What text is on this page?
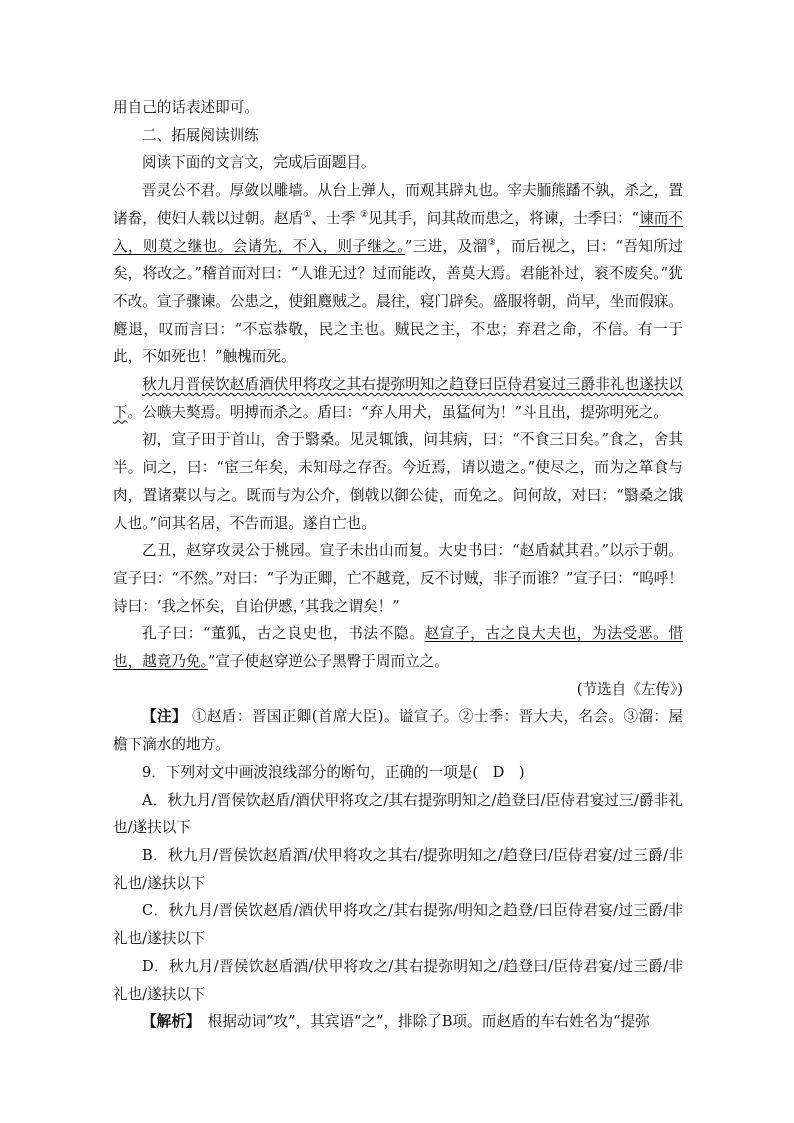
用自己的话表述即可。

二、拓展阅读训练

阅读下面的文言文，完成后面题目。

晋灵公不君。厚敛以雕墙。从台上弹人，而观其辟丸也。宰夫胹熊蹯不孰，杀之，置诸畚，使妇人载以过朝。赵盾①、士季 ②见其手，问其故而患之，将谏，士季曰：“谏而不入，则莫之继也。会请先，不入，则子继之。”三进，及溜③，而后视之，曰：“吾知所过矣，将改之。”稽首而对曰：“人谁无过？过而能改，善莫大焉。君能补过，衮不废矣。”犹不改。宣子骤谏。公患之，使鉏麑贼之。晨往，寝门辟矣。盛服将朝，尚早，坐而假寐。麑退，叹而言曰：“不忘恭敬，民之主也。贼民之主，不忠；弃君之命，不信。有一于此，不如死也！”触槐而死。

秋九月晋侯饮赵盾酒伏甲将攻之其右提弥明知之趋登曰臣侍君宴过三爵非礼也遂扶以下。公嗾夫獒焉。明搏而杀之。盾曰：“弃人用犬，虽猛何为！”斗且出，提弥明死之。

初，宣子田于首山，舍于翳桑。见灵辄饿，问其病，曰：“不食三日矣。”食之，舍其半。问之，曰：“宦三年矣，未知母之存否。今近焉，请以遗之。”使尽之，而为之箪食与肉，置诸橐以与之。既而与为公介，倒戟以御公徒，而免之。问何故，对曰：“翳桑之饿人也。”问其名居，不告而退。遂自亡也。

乙丑，赵穿攻灵公于桃园。宣子未出山而复。大史书曰：“赵盾弑其君。”以示于朝。宣子曰：“不然。”对曰：“子为正卿，亡不越竟，反不讨贼，非子而谁？”宣子曰：“呜呼！诗曰：‘我之怀矣，自诒伊慼，’其我之谓矣！”

孔子曰：“董狐，古之良史也，书法不隐。赵宣子，古之良大夫也，为法受恶。惜也，越竟乃免。”宣子使赵穿逆公子黑臀于周而立之。

(节选自《左传》)

【注】 ①赵盾：晋国正卿(首席大臣)。谥宣子。②士季：晋大夫，名会。③溜：屋檐下滴水的地方。

9．下列对文中画波浪线部分的断句，正确的一项是(　D　)

A．秋九月/晋侯饮赵盾/酒伏甲将攻之/其右提弥明知之/趋登曰/臣侍君宴过三/爵非礼也/遂扶以下

B．秋九月/晋侯饮赵盾酒/伏甲将攻之其右/提弥明知之/趋登曰/臣侍君宴/过三爵/非礼也/遂扶以下

C．秋九月/晋侯饮赵盾/酒伏甲将攻之/其右提弥/明知之趋登/曰臣侍君宴/过三爵/非礼也/遂扶以下

D．秋九月/晋侯饮赵盾酒/伏甲将攻之/其右提弥明知之/趋登曰/臣侍君宴/过三爵/非礼也/遂扶以下

【解析】　根据动词“攻”，其宾语“之”，排除了B项。而赵盾的车右姓名为“提弥
